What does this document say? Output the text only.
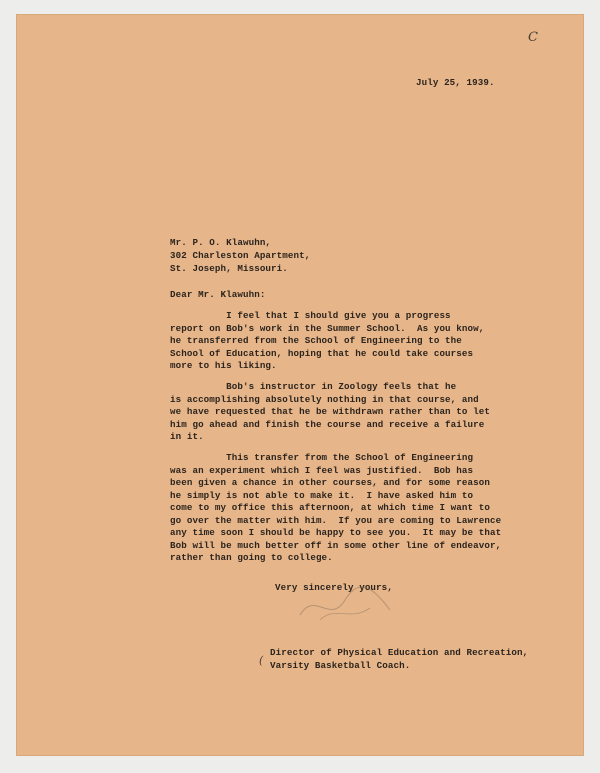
C
July 25, 1939.
Mr. P. O. Klawuhn,
302 Charleston Apartment,
St. Joseph, Missouri.
Dear Mr. Klawuhn:
I feel that I should give you a progress
report on Bob's work in the Summer School.  As you know,
he transferred from the School of Engineering to the
School of Education, hoping that he could take courses
more to his liking.
Bob's instructor in Zoology feels that he
is accomplishing absolutely nothing in that course, and
we have requested that he be withdrawn rather than to let
him go ahead and finish the course and receive a failure
in it.
This transfer from the School of Engineering
was an experiment which I feel was justified.  Bob has
been given a chance in other courses, and for some reason
he simply is not able to make it.  I have asked him to
come to my office this afternoon, at which time I want to
go over the matter with him.  If you are coming to Lawrence
any time soon I should be happy to see you.  It may be that
Bob will be much better off in some other line of endeavor,
rather than going to college.
Very sincerely yours,
(
Director of Physical Education and Recreation,
Varsity Basketball Coach.
